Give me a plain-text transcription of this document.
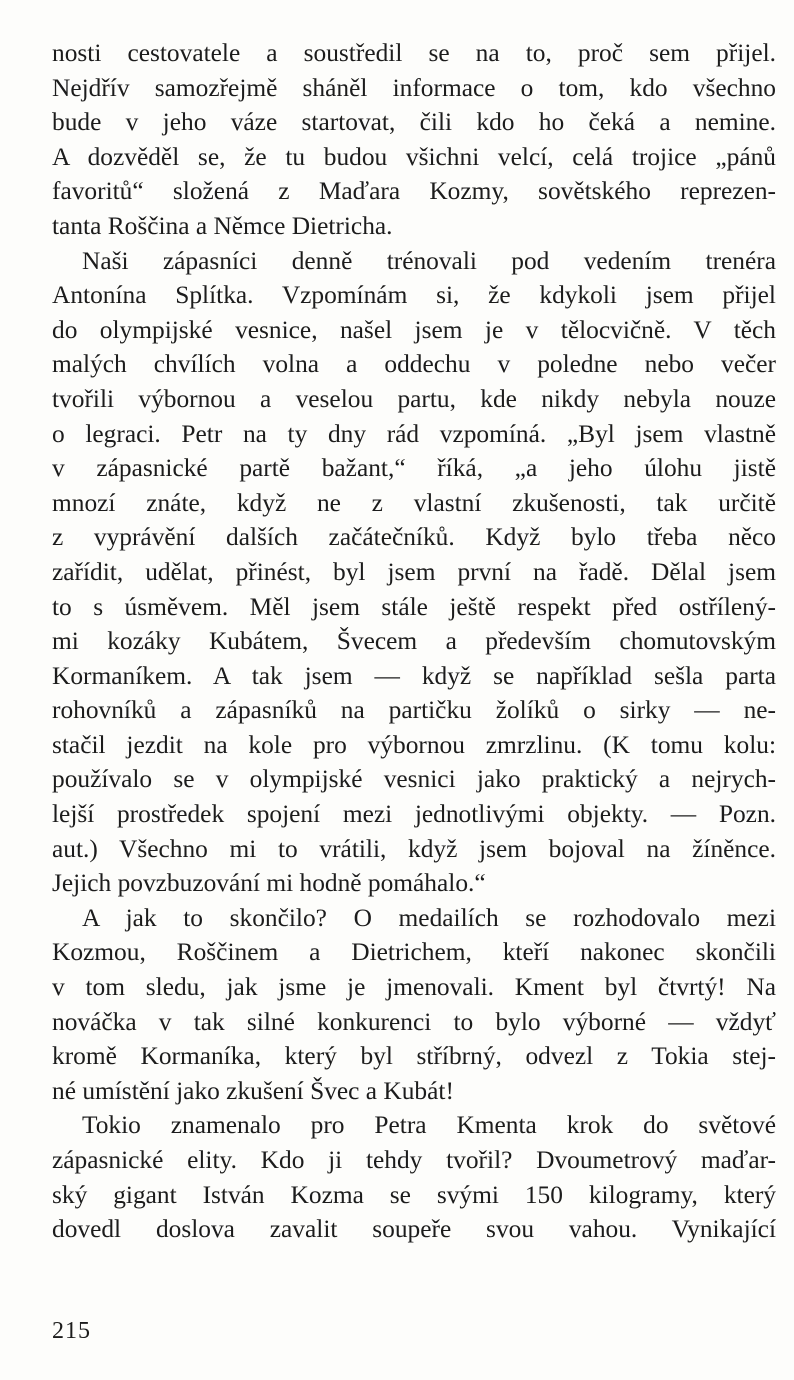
nosti cestovatele a soustředil se na to, proč sem přijel.
Nejdřív samozřejmě sháněl informace o tom, kdo všechno
bude v jeho váze startovat, čili kdo ho čeká a nemine.
A dozvěděl se, že tu budou všichni velcí, celá trojice „pánů
favoritů“ složená z Maďara Kozmy, sovětského reprezen-
tanta Roščina a Němce Dietricha.
Naši zápasníci denně trénovali pod vedením trenéra
Antonína Splítka. Vzpomínám si, že kdykoli jsem přijel
do olympijské vesnice, našel jsem je v tělocvičně. V těch
malých chvílích volna a oddechu v poledne nebo večer
tvořili výbornou a veselou partu, kde nikdy nebyla nouze
o legraci. Petr na ty dny rád vzpomíná. „Byl jsem vlastně
v zápasnické partě bažant,“ říká, „a jeho úlohu jistě
mnozí znáte, když ne z vlastní zkušenosti, tak určitě
z vyprávění dalších začátečníků. Když bylo třeba něco
zařídit, udělat, přinést, byl jsem první na řadě. Dělal jsem
to s úsměvem. Měl jsem stále ještě respekt před ostřílený-
mi kozáky Kubátem, Švecem a především chomutovským
Kormaníkem. A tak jsem — když se například sešla parta
rohovníků a zápasníků na partičku žolíků o sirky — ne-
stačil jezdit na kole pro výbornou zmrzlinu. (K tomu kolu:
používalo se v olympijské vesnici jako praktický a nejrych-
lejší prostředek spojení mezi jednotlivými objekty. — Pozn.
aut.) Všechno mi to vrátili, když jsem bojoval na žíněnce.
Jejich povzbuzování mi hodně pomáhalo.“
A jak to skončilo? O medailích se rozhodovalo mezi
Kozmou, Roščinem a Dietrichem, kteří nakonec skončili
v tom sledu, jak jsme je jmenovali. Kment byl čtvrtý! Na
nováčka v tak silné konkurenci to bylo výborné — vždyť
kromě Kormaníka, který byl stříbrný, odvezl z Tokia stej-
né umístění jako zkušení Švec a Kubát!
Tokio znamenalo pro Petra Kmenta krok do světové
zápasnické elity. Kdo ji tehdy tvořil? Dvoumetrový maďar-
ský gigant István Kozma se svými 150 kilogramy, který
dovedl doslova zavalit soupeře svou vahou. Vynikající
215
